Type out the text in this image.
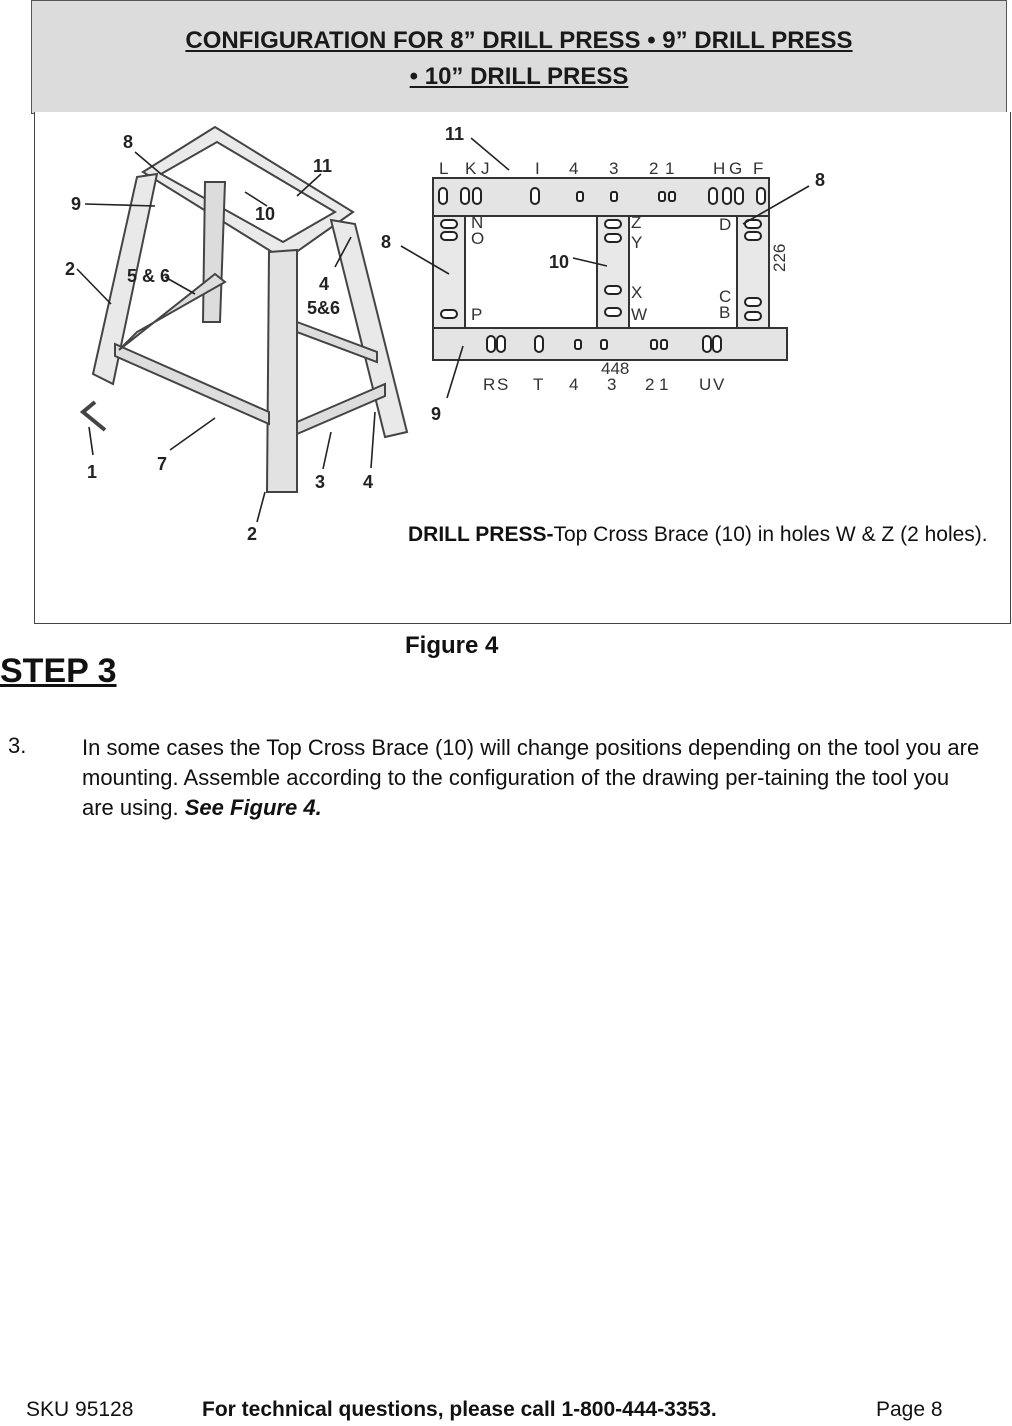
CONFIGURATION FOR 8” DRILL PRESS • 9” DRILL PRESS
• 10” DRILL PRESS
8
9
2	5 & 6
11
10
4
5&6
1	7
3 4
2
L K J	I 4 3 2 1 H G F
N
O
P
Z
Y
X
W
D
C
B
R S T 4 3 2 1 U V
226
448
11
8
8
10
9
DRILL PRESS-Top Cross Brace (10) in holes W & Z (2 holes).
Figure 4
STEP 3
3.	In some cases the Top Cross Brace (10) will change positions depending on the tool you are mounting. Assemble according to the configuration of the drawing per-taining the tool you are using. See Figure 4.
SKU 95128	For technical questions, please call 1-800-444-3353.	Page 8
